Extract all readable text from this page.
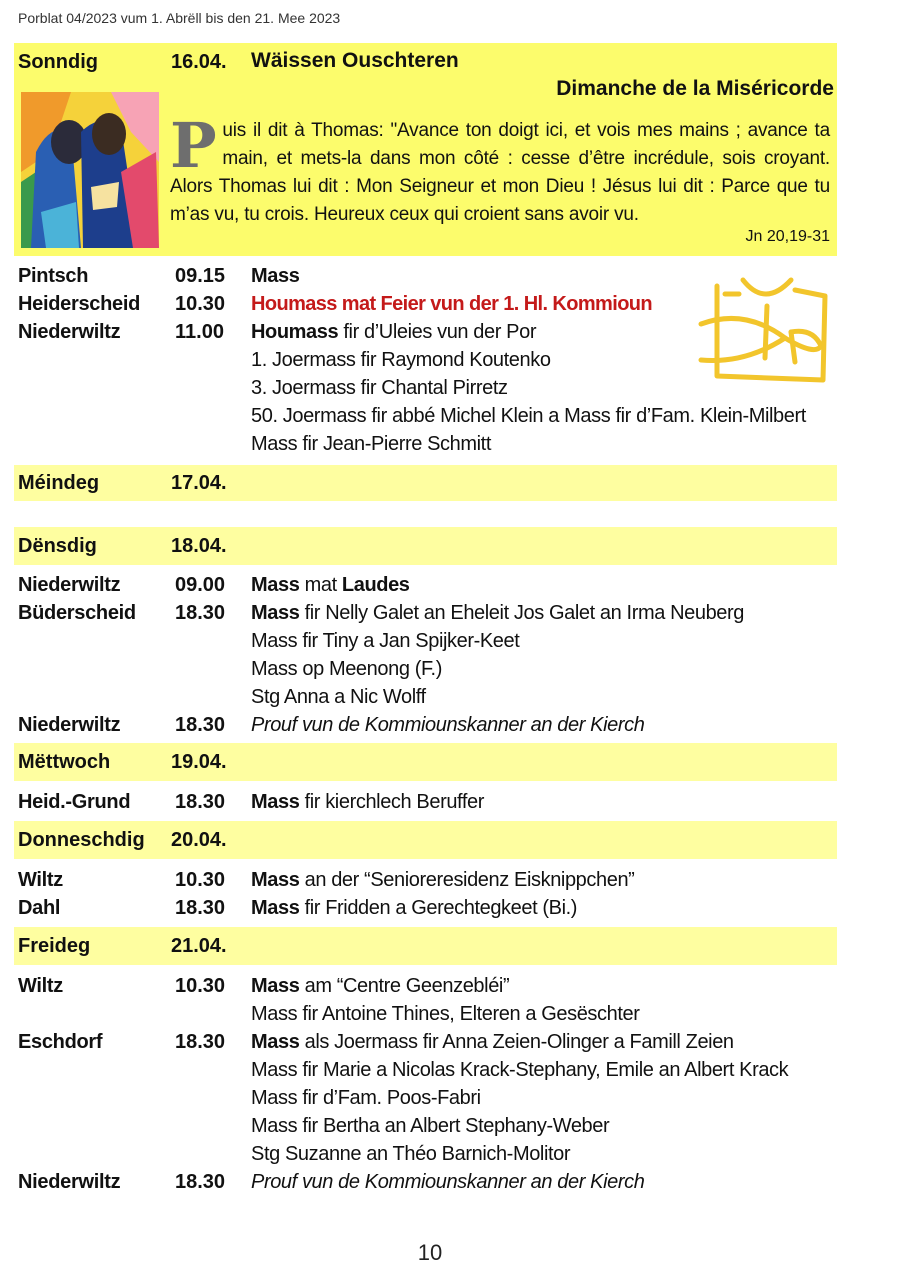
Porblat 04/2023 vum 1. Abrëll bis den 21. Mee 2023
Sonndig	16.04. Wäissen Ouschteren
Dimanche de la Miséricorde
Puis il dit à Thomas: "Avance ton doigt ici, et vois mes mains ; avance ta main, et mets-la dans mon côté : cesse d’être incrédule, sois croyant. Alors Thomas lui dit : Mon Seigneur et mon Dieu ! Jésus lui dit : Parce que tu m’as vu, tu crois. Heureux ceux qui croient sans avoir vu.
Jn 20,19-31
Pintsch	09.15 Mass
Heiderscheid 10.30 Houmass mat Feier vun der 1. Hl. Kommioun
Niederwiltz	11.00 Houmass fir d’Uleies vun der Por
1. Joermass fir Raymond Koutenko
3. Joermass fir Chantal Pirretz
50. Joermass fir abbé Michel Klein a Mass fir d’Fam. Klein-Milbert
Mass fir Jean-Pierre Schmitt
Méindeg	17.04.
Dënsdig	18.04.
Niederwiltz	09.00 Mass mat Laudes
Büderscheid 18.30 Mass fir Nelly Galet an Eheleit Jos Galet an Irma Neuberg
Mass fir Tiny a Jan Spijker-Keet
Mass op Meenong (F.)
Stg Anna a Nic Wolff
Niederwiltz	18.30 Prouf vun de Kommiounskanner an der Kierch
Mëttwoch	19.04.
Heid.-Grund 18.30 Mass fir kierchlech Beruffer
Donneschdig 20.04.
Wiltz	10.30 Mass an der “Senioreresidenz Eisknippchen”
Dahl	18.30 Mass fir Fridden a Gerechtegkeet (Bi.)
Freideg	21.04.
Wiltz	10.30 Mass am “Centre Geenzebléi”
Mass fir Antoine Thines, Elteren a Gesëschter
Eschdorf	18.30 Mass als Joermass fir Anna Zeien-Olinger a Famill Zeien
Mass fir Marie a Nicolas Krack-Stephany, Emile an Albert Krack
Mass fir d’Fam. Poos-Fabri
Mass fir Bertha an Albert Stephany-Weber
Stg Suzanne an Théo Barnich-Molitor
Niederwiltz	18.30 Prouf vun de Kommiounskanner an der Kierch
10
